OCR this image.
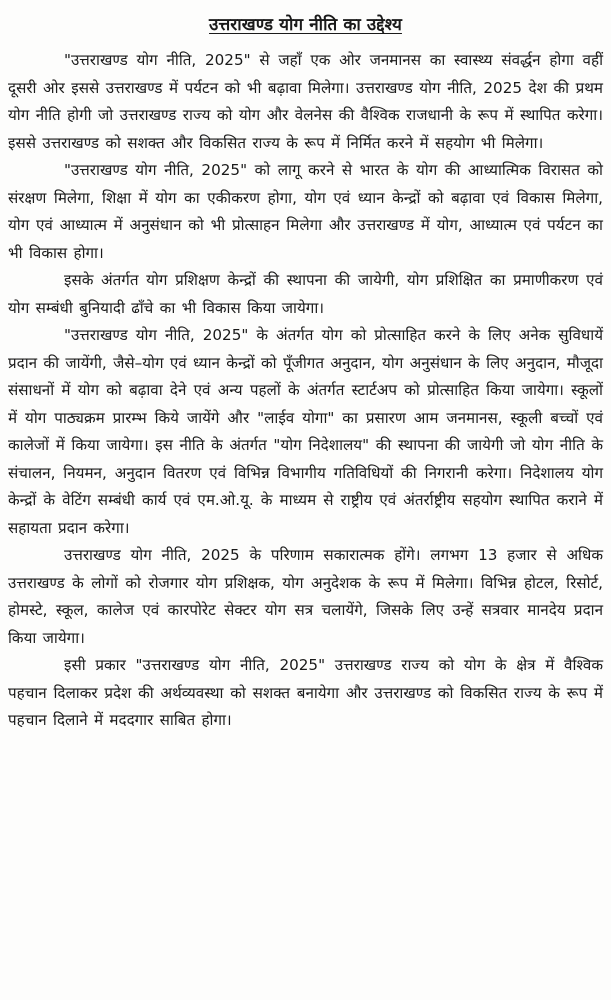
उत्तराखण्ड योग नीति का उद्देश्य

"उत्तराखण्ड योग नीति, 2025" से जहाँ एक ओर जनमानस का स्वास्थ्य संवर्द्धन होगा वहीं दूसरी ओर इससे उत्तराखण्ड में पर्यटन को भी बढ़ावा मिलेगा। उत्तराखण्ड योग नीति, 2025 देश की प्रथम योग नीति होगी जो उत्तराखण्ड राज्य को योग और वेलनेस की वैश्विक राजधानी के रूप में स्थापित करेगा। इससे उत्तराखण्ड को सशक्त और विकसित राज्य के रूप में निर्मित करने में सहयोग भी मिलेगा।

"उत्तराखण्ड योग नीति, 2025" को लागू करने से भारत के योग की आध्यात्मिक विरासत को संरक्षण मिलेगा, शिक्षा में योग का एकीकरण होगा, योग एवं ध्यान केन्द्रों को बढ़ावा एवं विकास मिलेगा, योग एवं आध्यात्म में अनुसंधान को भी प्रोत्साहन मिलेगा और उत्तराखण्ड में योग, आध्यात्म एवं पर्यटन का भी विकास होगा।

इसके अंतर्गत योग प्रशिक्षण केन्द्रों की स्थापना की जायेगी, योग प्रशिक्षित का प्रमाणीकरण एवं योग सम्बंधी बुनियादी ढाँचे का भी विकास किया जायेगा।

"उत्तराखण्ड योग नीति, 2025" के अंतर्गत योग को प्रोत्साहित करने के लिए अनेक सुविधायें प्रदान की जायेंगी, जैसे–योग एवं ध्यान केन्द्रों को पूँजीगत अनुदान, योग अनुसंधान के लिए अनुदान, मौजूदा संसाधनों में योग को बढ़ावा देने एवं अन्य पहलों के अंतर्गत स्टार्टअप को प्रोत्साहित किया जायेगा। स्कूलों में योग पाठ्यक्रम प्रारम्भ किये जायेंगे और "लाईव योगा" का प्रसारण आम जनमानस, स्कूली बच्चों एवं कालेजों में किया जायेगा। इस नीति के अंतर्गत "योग निदेशालय" की स्थापना की जायेगी जो योग नीति के संचालन, नियमन, अनुदान वितरण एवं विभिन्न विभागीय गतिविधियों की निगरानी करेगा। निदेशालय योग केन्द्रों के वेटिंग सम्बंधी कार्य एवं एम.ओ.यू. के माध्यम से राष्ट्रीय एवं अंतर्राष्ट्रीय सहयोग स्थापित कराने में सहायता प्रदान करेगा।

उत्तराखण्ड योग नीति, 2025 के परिणाम सकारात्मक होंगे। लगभग 13 हजार से अधिक उत्तराखण्ड के लोगों को रोजगार योग प्रशिक्षक, योग अनुदेशक के रूप में मिलेगा। विभिन्न होटल, रिसोर्ट, होमस्टे, स्कूल, कालेज एवं कारपोरेट सेक्टर योग सत्र चलायेंगे, जिसके लिए उन्हें सत्रवार मानदेय प्रदान किया जायेगा।

इसी प्रकार "उत्तराखण्ड योग नीति, 2025" उत्तराखण्ड राज्य को योग के क्षेत्र में वैश्विक पहचान दिलाकर प्रदेश की अर्थव्यवस्था को सशक्त बनायेगा और उत्तराखण्ड को विकसित राज्य के रूप में पहचान दिलाने में मददगार साबित होगा।
